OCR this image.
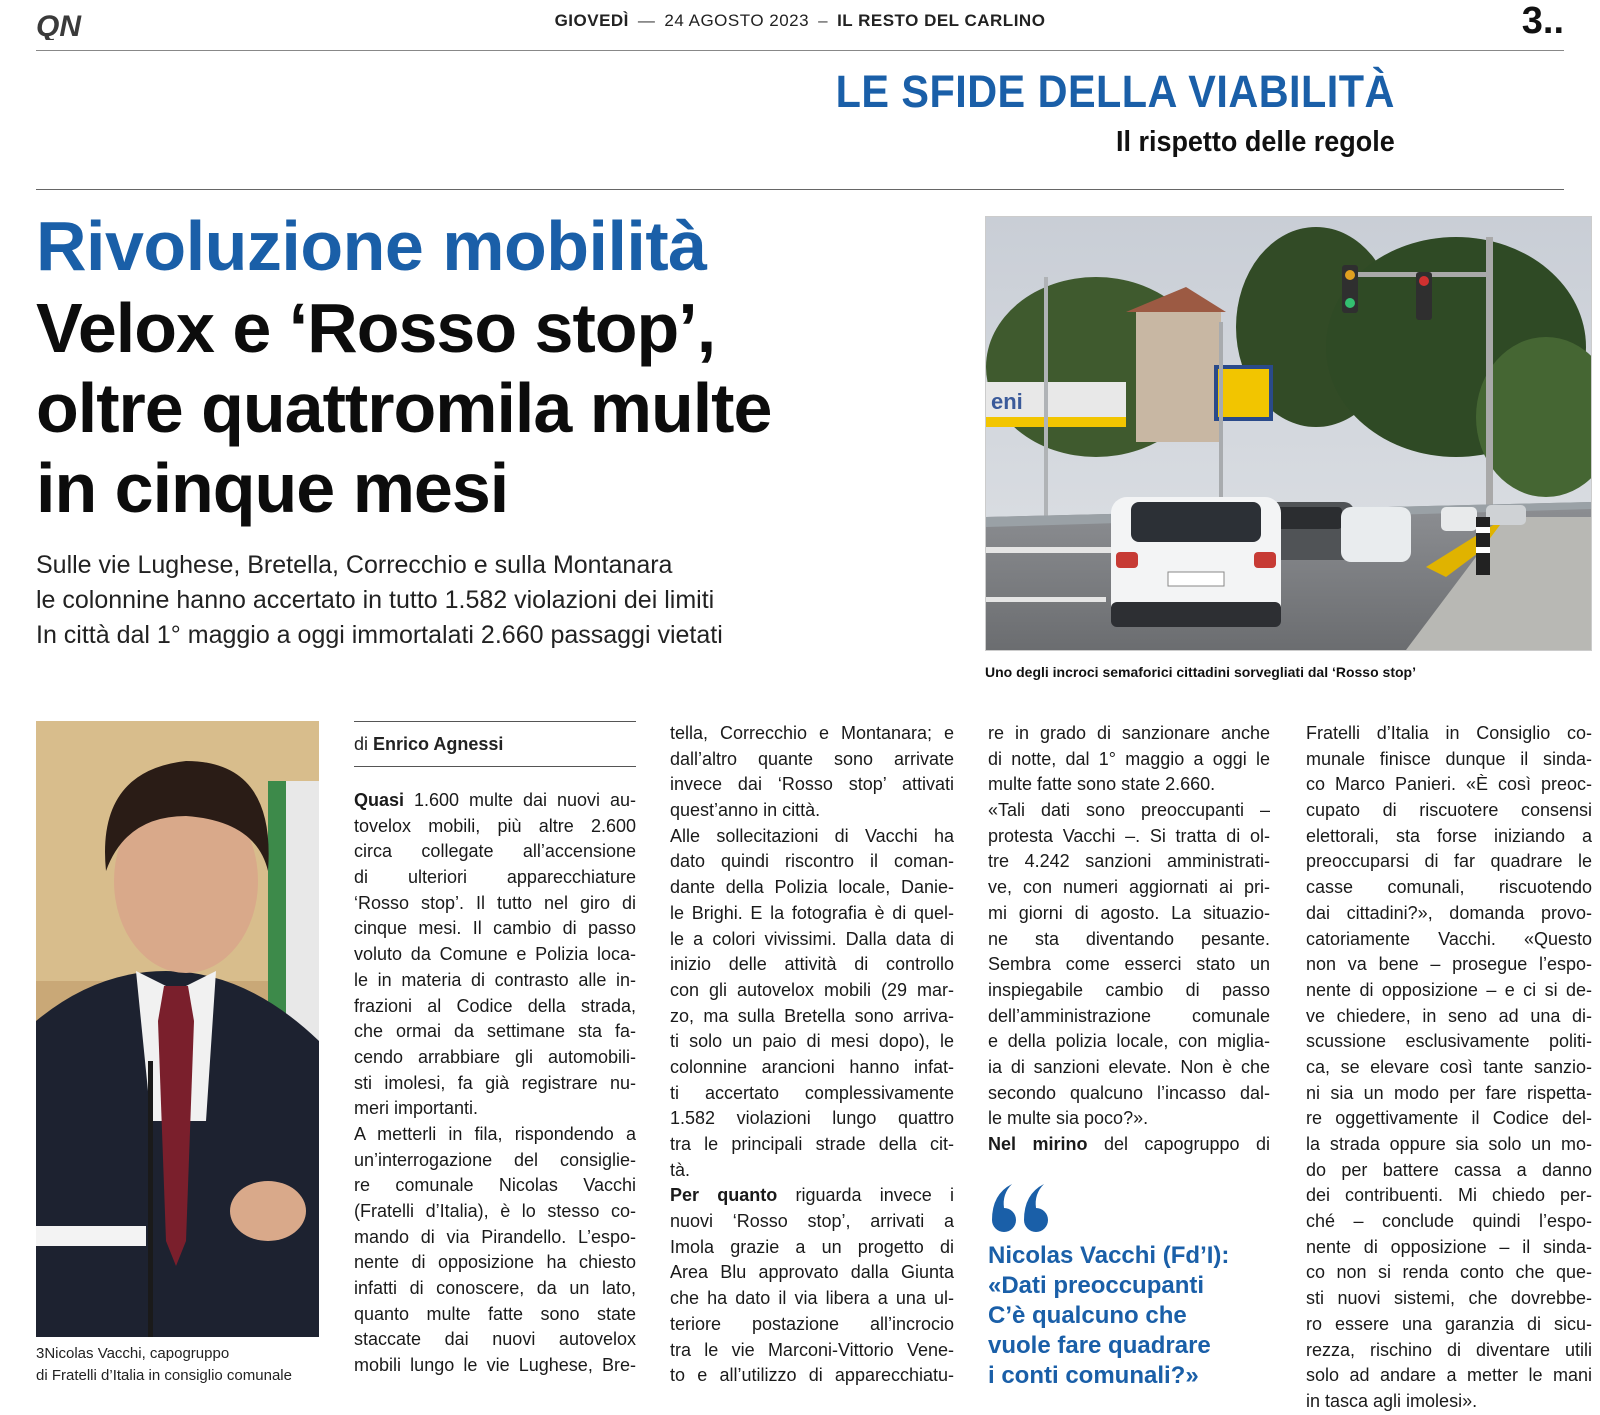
QN	GIOVEDÌ — 24 AGOSTO 2023 – IL RESTO DEL CARLINO	3..
LE SFIDE DELLA VIABILITÀ
Il rispetto delle regole
Rivoluzione mobilità
Velox e ‘Rosso stop’,
oltre quattromila multe
in cinque mesi
Sulle vie Lughese, Bretella, Correcchio e sulla Montanara
le colonnine hanno accertato in tutto 1.582 violazioni dei limiti
In città dal 1° maggio a oggi immortalati 2.660 passaggi vietati
eni
Uno degli incroci semaforici cittadini sorvegliati dal ‘Rosso stop’
3Nicolas Vacchi, capogruppo
di Fratelli d’Italia in consiglio comunale
di Enrico Agnessi
Quasi 1.600 multe dai nuovi au-
tovelox mobili, più altre 2.600
circa collegate all’accensione
di ulteriori apparecchiature
‘Rosso stop’. Il tutto nel giro di
cinque mesi. Il cambio di passo
voluto da Comune e Polizia loca-
le in materia di contrasto alle in-
frazioni al Codice della strada,
che ormai da settimane sta fa-
cendo arrabbiare gli automobili-
sti imolesi, fa già registrare nu-
meri importanti.
A metterli in fila, rispondendo a
un’interrogazione del consiglie-
re comunale Nicolas Vacchi
(Fratelli d’Italia), è lo stesso co-
mando di via Pirandello. L’espo-
nente di opposizione ha chiesto
infatti di conoscere, da un lato,
quanto multe fatte sono state
staccate dai nuovi autovelox
mobili lungo le vie Lughese, Bre-
tella, Correcchio e Montanara; e
dall’altro quante sono arrivate
invece dai ‘Rosso stop’ attivati
quest’anno in città.
Alle sollecitazioni di Vacchi ha
dato quindi riscontro il coman-
dante della Polizia locale, Danie-
le Brighi. E la fotografia è di quel-
le a colori vivissimi. Dalla data di
inizio delle attività di controllo
con gli autovelox mobili (29 mar-
zo, ma sulla Bretella sono arriva-
ti solo un paio di mesi dopo), le
colonnine arancioni hanno infat-
ti accertato complessivamente
1.582 violazioni lungo quattro
tra le principali strade della cit-
tà.
Per quanto riguarda invece i
nuovi ‘Rosso stop’, arrivati a
Imola grazie a un progetto di
Area Blu approvato dalla Giunta
che ha dato il via libera a una ul-
teriore postazione all’incrocio
tra le vie Marconi-Vittorio Vene-
to e all’utilizzo di apparecchiatu-
re in grado di sanzionare anche
di notte, dal 1° maggio a oggi le
multe fatte sono state 2.660.
«Tali dati sono preoccupanti –
protesta Vacchi –. Si tratta di ol-
tre 4.242 sanzioni amministrati-
ve, con numeri aggiornati ai pri-
mi giorni di agosto. La situazio-
ne sta diventando pesante.
Sembra come esserci stato un
inspiegabile cambio di passo
dell’amministrazione comunale
e della polizia locale, con miglia-
ia di sanzioni elevate. Non è che
secondo qualcuno l’incasso dal-
le multe sia poco?».
Nel mirino del capogruppo di
Nicolas Vacchi (Fd’I):
«Dati preoccupanti
C’è qualcuno che
vuole fare quadrare
i conti comunali?»
Fratelli d’Italia in Consiglio co-
munale finisce dunque il sinda-
co Marco Panieri. «È così preoc-
cupato di riscuotere consensi
elettorali, sta forse iniziando a
preoccuparsi di far quadrare le
casse comunali, riscuotendo
dai cittadini?», domanda provo-
catoriamente Vacchi. «Questo
non va bene – prosegue l’espo-
nente di opposizione – e ci si de-
ve chiedere, in seno ad una di-
scussione esclusivamente politi-
ca, se elevare così tante sanzio-
ni sia un modo per fare rispetta-
re oggettivamente il Codice del-
la strada oppure sia solo un mo-
do per battere cassa a danno
dei contribuenti. Mi chiedo per-
ché – conclude quindi l’espo-
nente di opposizione – il sinda-
co non si renda conto che que-
sti nuovi sistemi, che dovrebbe-
ro essere una garanzia di sicu-
rezza, rischino di diventare utili
solo ad andare a metter le mani
in tasca agli imolesi».
